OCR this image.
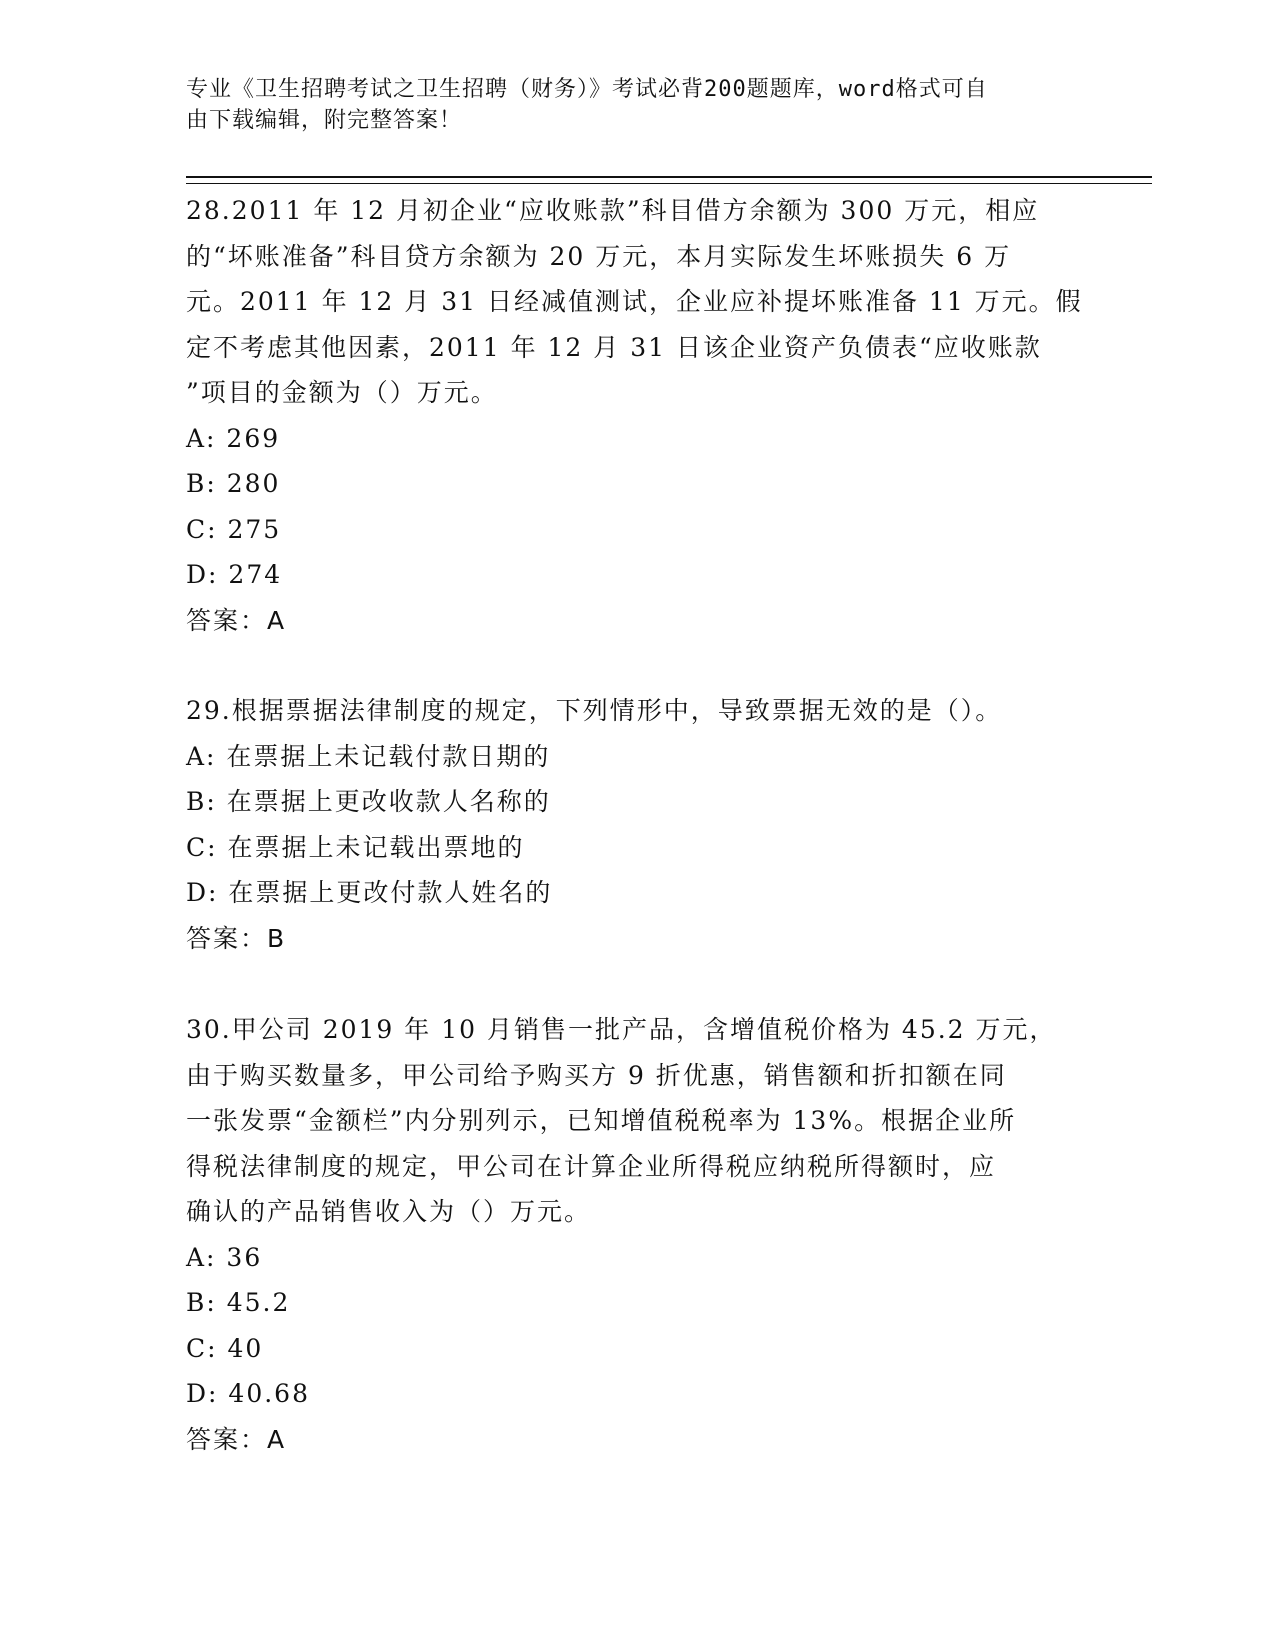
专业《卫生招聘考试之卫生招聘（财务）》考试必背200题题库，word格式可自
由下载编辑，附完整答案！
28.2011 年 12 月初企业“应收账款”科目借方余额为 300 万元，相应
的“坏账准备”科目贷方余额为 20 万元，本月实际发生坏账损失 6 万
元。2011 年 12 月 31 日经减值测试，企业应补提坏账准备 11 万元。假
定不考虑其他因素，2011 年 12 月 31 日该企业资产负债表“应收账款
”项目的金额为（）万元。
A: 269
B: 280
C: 275
D: 274
答案：A
29.根据票据法律制度的规定，下列情形中，导致票据无效的是（）。
A: 在票据上未记载付款日期的
B: 在票据上更改收款人名称的
C: 在票据上未记载出票地的
D: 在票据上更改付款人姓名的
答案：B
30.甲公司 2019 年 10 月销售一批产品，含增值税价格为 45.2 万元，
由于购买数量多，甲公司给予购买方 9 折优惠，销售额和折扣额在同
一张发票“金额栏”内分别列示，已知增值税税率为 13%。根据企业所
得税法律制度的规定，甲公司在计算企业所得税应纳税所得额时，应
确认的产品销售收入为（）万元。
A: 36
B: 45.2
C: 40
D: 40.68
答案：A
